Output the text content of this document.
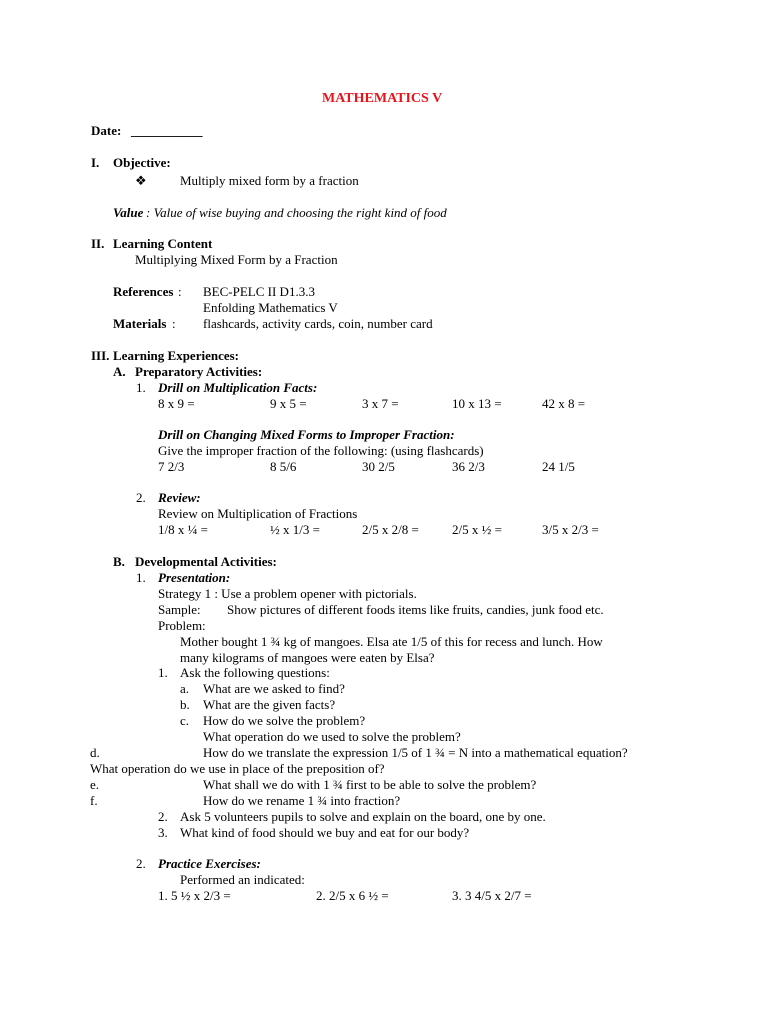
MATHEMATICS V
Date: ___________
I. Objective:
❖	Multiply mixed form by a fraction
Value : Value of wise buying and choosing the right kind of food
II. Learning Content
Multiplying Mixed Form by a Fraction
References : BEC-PELC II D1.3.3
Enfolding Mathematics V
Materials : flashcards, activity cards, coin, number card
III. Learning Experiences:
A. Preparatory Activities:
1. Drill on Multiplication Facts:
8 x 9 =	9 x 5 =	3 x 7 =	10 x 13 =	42 x 8 =
Drill on Changing Mixed Forms to Improper Fraction:
Give the improper fraction of the following: (using flashcards)
7 2/3	8 5/6	30 2/5	36 2/3	24 1/5
2. Review:
Review on Multiplication of Fractions
1/8 x ¼ =	½ x 1/3 =	2/5 x 2/8 =	2/5 x ½ =	3/5 x 2/3 =
B. Developmental Activities:
1. Presentation:
Strategy 1 : Use a problem opener with pictorials.
Sample: Show pictures of different foods items like fruits, candies, junk food etc.
Problem:
Mother bought 1 ¾ kg of mangoes. Elsa ate 1/5 of this for recess and lunch. How
many kilograms of mangoes were eaten by Elsa?
1. Ask the following questions:
a. What are we asked to find?
b. What are the given facts?
c. How do we solve the problem?
What operation do we used to solve the problem?
d.	How do we translate the expression 1/5 of 1 ¾ = N into a mathematical equation?
What operation do we use in place of the preposition of?
e.	What shall we do with 1 ¾ first to be able to solve the problem?
f.	How do we rename 1 ¾ into fraction?
2. Ask 5 volunteers pupils to solve and explain on the board, one by one.
3. What kind of food should we buy and eat for our body?
2. Practice Exercises:
Performed an indicated:
1. 5 ½ x 2/3 =	2. 2/5 x 6 ½ =	3. 3 4/5 x 2/7 =
